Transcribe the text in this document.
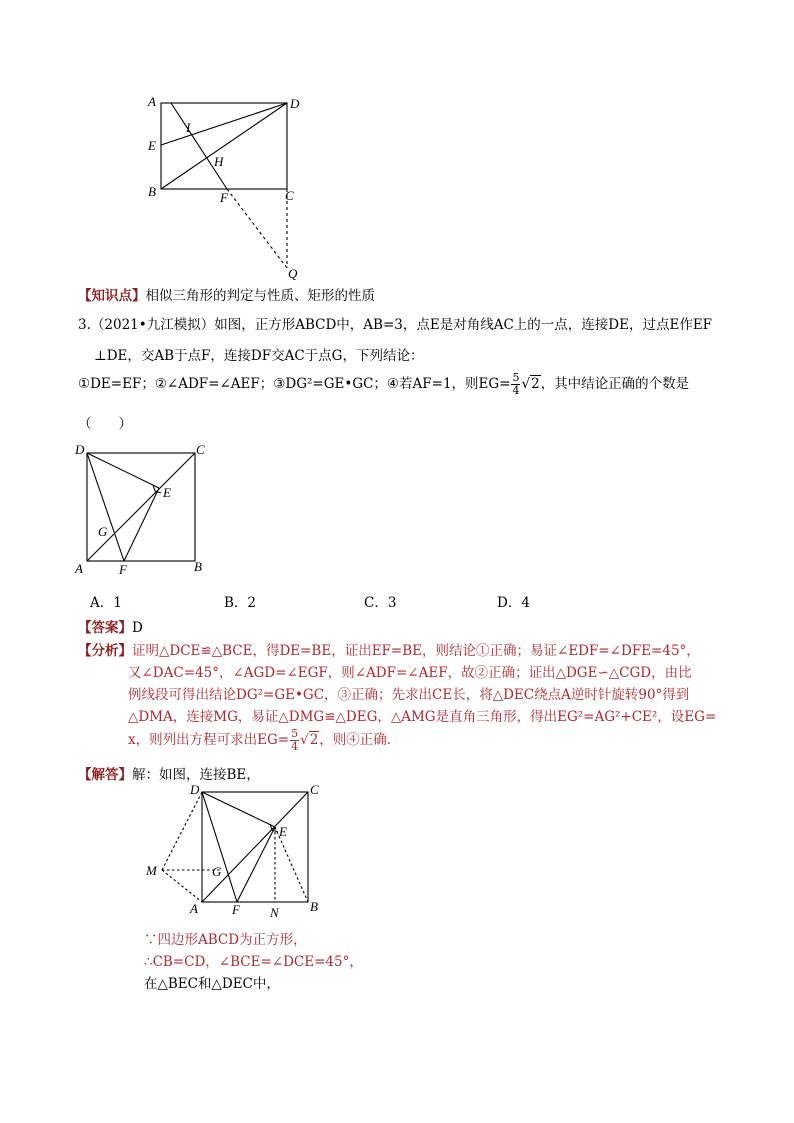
A	D
I
E
H
B	F	C
Q
【知识点】相似三角形的判定与性质、矩形的性质
3.（2021•九江模拟）如图，正方形ABCD中，AB=3，点E是对角线AC上的一点，连接DE，过点E作EF
⊥DE，交AB于点F，连接DF交AC于点G，下列结论：
①DE=EF；②∠ADF=∠AEF；③DG²=GE•GC；④若AF=1，则$EG= \frac{5}{4} √2$，其中结论正确的个数是
（　　）
D	C
E
G
A	F	B
A．1	B．2	C．3	D．4
【答案】D
【分析】证明△DCE≌△BCE，得DE=BE，证出EF=BE，则结论①正确；易证∠EDF=∠DFE=45°，
又∠DAC=45°，∠AGD=∠EGF，则∠ADF=∠AEF，故②正确；证出△DGE∽△CGD，由比
例线段可得出结论DG²=GE•GC，③正确；先求出CE长，将△DEC绕点A逆时针旋转90°得到
△DMA，连接MG，易证△DMG≌△DEG，△AMG是直角三角形，得出EG²=AG²+CE²，设EG=
x，则列出方程可求出$EG= \frac{5}{4} √2$，则④正确．
【解答】解：如图，连接BE，
D	C
E
M	G
A	F N B
∵四边形ABCD为正方形，
∴CB=CD，∠BCE=∠DCE=45°，
在△BEC和△DEC中，
